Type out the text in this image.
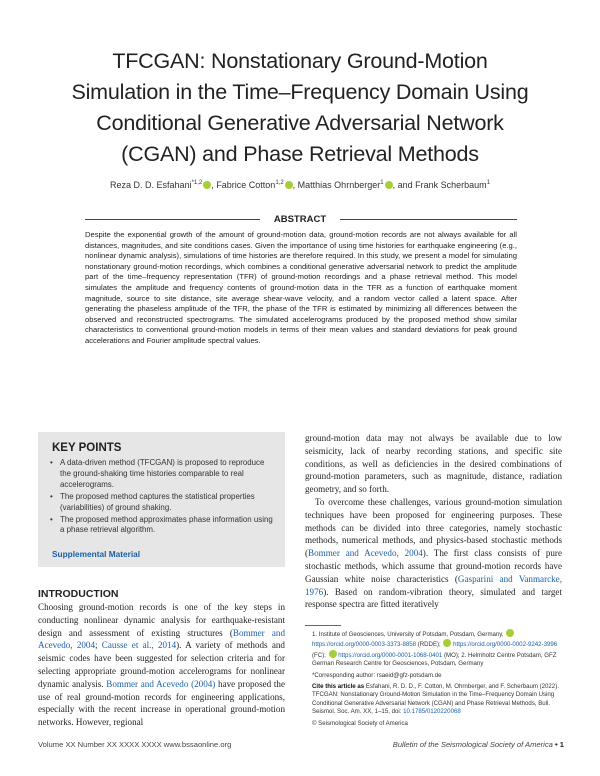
TFCGAN: Nonstationary Ground-Motion
Simulation in the Time–Frequency Domain Using
Conditional Generative Adversarial Network
(CGAN) and Phase Retrieval Methods
Reza D. D. Esfahani$^{*1,2}$ , Fabrice Cotton$^{1,2}$ , Matthias Ohrnberger$^1$ , and Frank Scherbaum$^1$
ABSTRACT

Despite the exponential growth of the amount of ground-motion data, ground-motion records are not always available for all distances, magnitudes, and site conditions cases. Given the importance of using time histories for earthquake engineering (e.g., nonlinear dynamic analysis), simulations of time histories are therefore required. In this study, we present a model for simulating nonstationary ground-motion recordings, which combines a conditional generative adversarial network to predict the amplitude part of the time–frequency representation (TFR) of ground-motion recordings and a phase retrieval method. This model simulates the amplitude and frequency contents of ground-motion data in the TFR as a function of earthquake moment magnitude, source to site distance, site average shear-wave velocity, and a random vector called a latent space. After generating the phaseless amplitude of the TFR, the phase of the TFR is estimated by minimizing all differences between the observed and reconstructed spectrograms. The simulated accelerograms produced by the proposed method show similar characteristics to conventional ground-motion models in terms of their mean values and standard deviations for peak ground accelerations and Fourier amplitude spectral values.

KEY POINTS
• A data-driven method (TFCGAN) is proposed to reproduce the ground-shaking time histories comparable to real accelerograms.
• The proposed method captures the statistical properties (variabilities) of ground shaking.
• The proposed method approximates phase information using a phase retrieval algorithm.
Supplemental Material
INTRODUCTION

Choosing ground-motion records is one of the key steps in conducting nonlinear dynamic analysis for earthquake-resistant design and assessment of existing structures (Bommer and Acevedo, 2004; Causse et al., 2014). A variety of methods and seismic codes have been suggested for selection criteria and for selecting appropriate ground-motion accelerograms for nonlinear dynamic analysis. Bommer and Acevedo (2004) have proposed the use of real ground-motion records for engineering applications, especially with the recent increase in operational ground-motion networks. However, regional

ground-motion data may not always be available due to low seismicity, lack of nearby recording stations, and specific site conditions, as well as deficiencies in the desired combinations of ground-motion parameters, such as magnitude, distance, radiation geometry, and so forth.

To overcome these challenges, various ground-motion simulation techniques have been proposed for engineering purposes. These methods can be divided into three categories, namely stochastic methods, numerical methods, and physics-based stochastic methods (Bommer and Acevedo, 2004). The first class consists of pure stochastic methods, which assume that ground-motion records have Gaussian white noise characteristics (Gasparini and Vanmarcke, 1976). Based on random-vibration theory, simulated and target response spectra are fitted iteratively

1. Institute of Geosciences, University of Potsdam, Potsdam, Germany,  https://orcid.org/0000-0003-3373-8858 (RDDE);  https://orcid.org/0000-0002-9242-3996 (FC);  https://orcid.org/0000-0001-1068-0401 (MO); 2. Helmholtz Centre Potsdam, GFZ German Research Centre for Geosciences, Potsdam, Germany

*Corresponding author: rsaeid@gfz-potsdam.de

Cite this article as Esfahani, R. D. D., F. Cotton, M. Ohrnberger, and F. Scherbaum (2022). TFCGAN: Nonstationary Ground-Motion Simulation in the Time–Frequency Domain Using Conditional Generative Adversarial Network (CGAN) and Phase Retrieval Methods, Bull. Seismol. Soc. Am. XX, 1–15, doi: 10.1785/0120220068

© Seismological Society of America

Volume XX Number XX XXXX XXXX www.bssaonline.org	Bulletin of the Seismological Society of America • 1
